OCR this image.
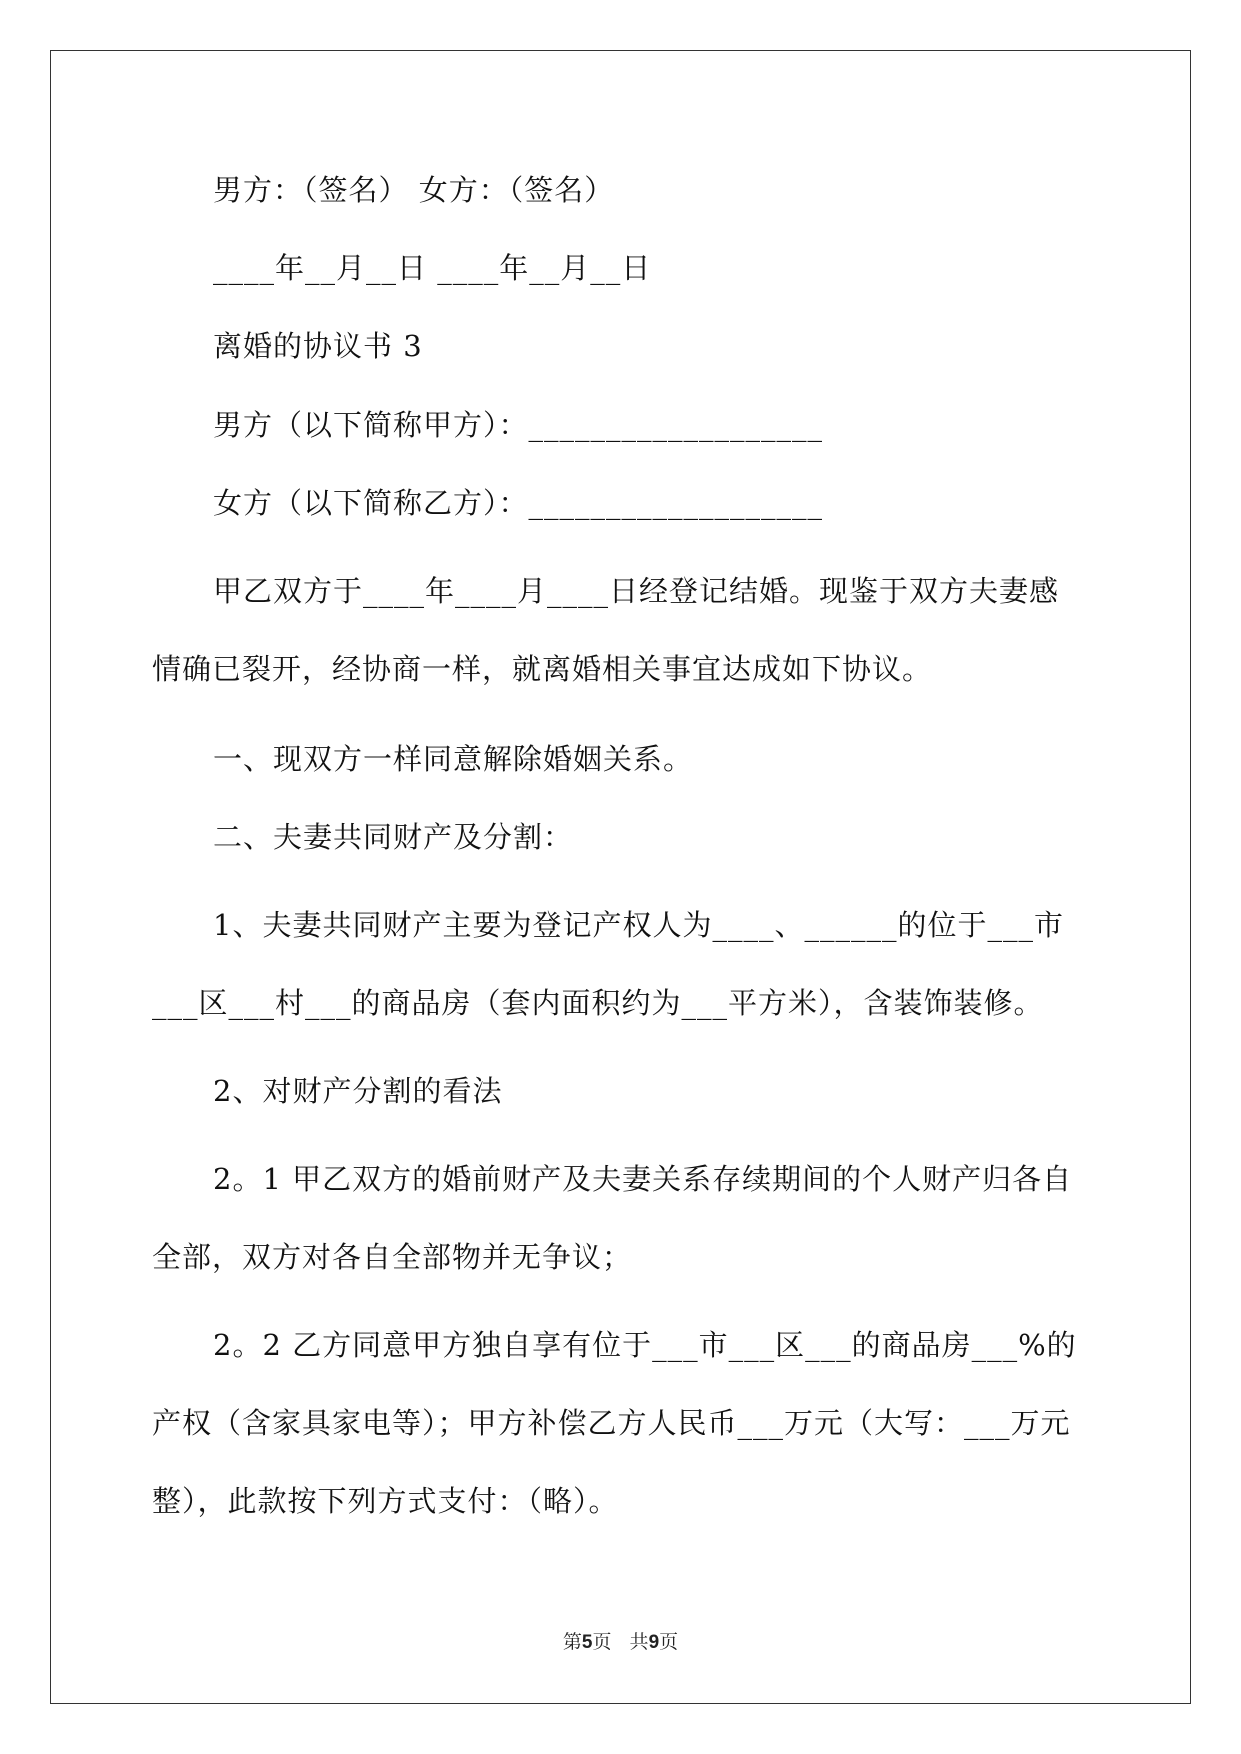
男方：（签名） 女方：（签名）
____年__月__日 ____年__月__日
离婚的协议书 3
男方（以下简称甲方）：___________________
女方（以下简称乙方）：___________________
甲乙双方于____年____月____日经登记结婚。现鉴于双方夫妻感
情确已裂开，经协商一样，就离婚相关事宜达成如下协议。
一、现双方一样同意解除婚姻关系。
二、夫妻共同财产及分割：
1、夫妻共同财产主要为登记产权人为____、______的位于___市
___区___村___的商品房（套内面积约为___平方米），含装饰装修。
2、对财产分割的看法
2。1 甲乙双方的婚前财产及夫妻关系存续期间的个人财产归各自
全部，双方对各自全部物并无争议；
2。2 乙方同意甲方独自享有位于___市___区___的商品房___%的
产权（含家具家电等）；甲方补偿乙方人民币___万元（大写：___万元
整），此款按下列方式支付：（略）。
第5页   共9页
